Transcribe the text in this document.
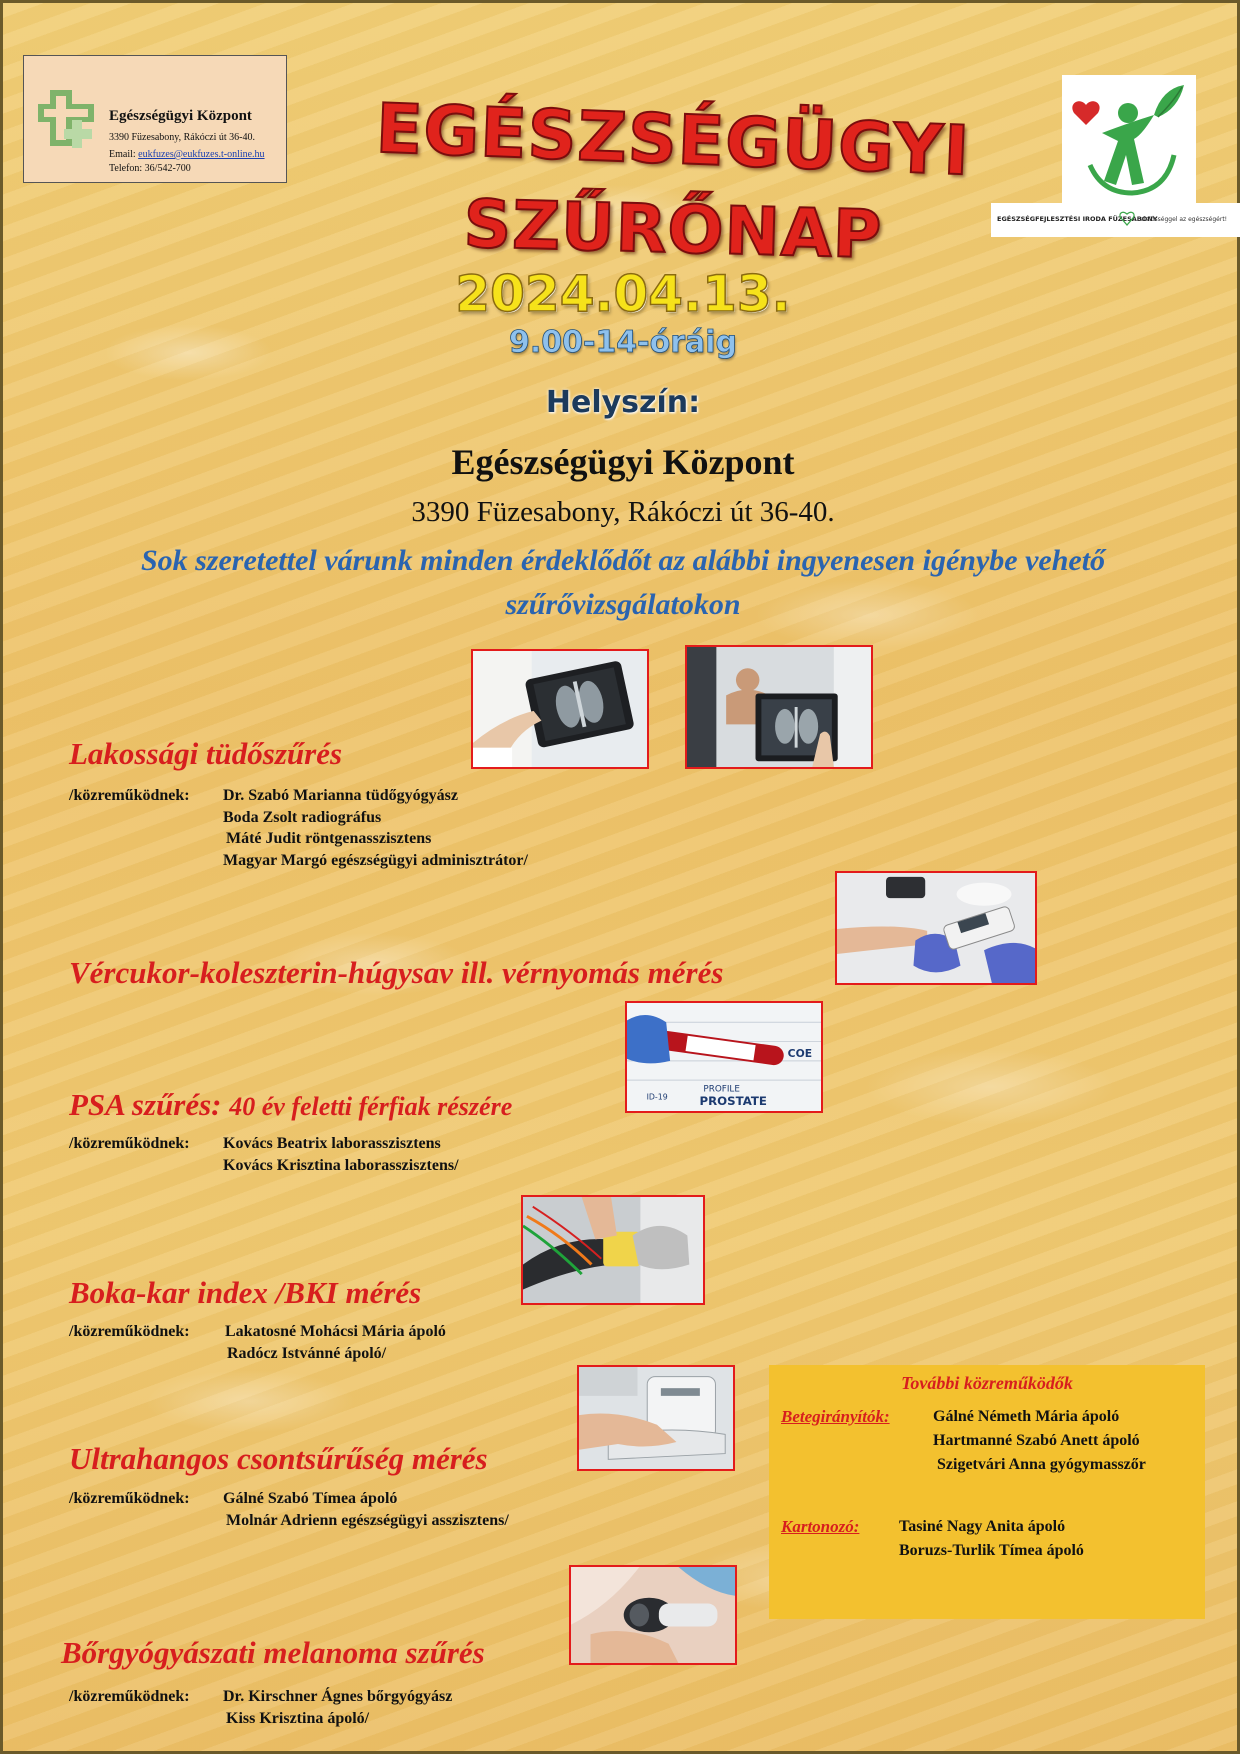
Egészségügyi Központ
3390 Füzesabony, Rákóczi út 36-40.
Email: eukfuzes@eukfuzes.t-online.hu
Telefon: 36/542-700
EGÉSZSÉGFEJLESZTÉSI IRODA FÜZESABONY
Felelősséggel az egészségért!
EGÉSZSÉGÜGYI
SZŰRŐNAP
2024.04.13.
9.00-14-óráig
Helyszín:
Egészségügyi Központ
3390 Füzesabony, Rákóczi út 36-40.
Sok szeretettel várunk minden érdeklődőt az alábbi ingyenesen igénybe vehető
szűrővizsgálatokon
ID-19
PROFILE
PROSTATE
COE
Lakossági tüdőszűrés
/közreműködnek: Dr. Szabó Marianna tüdőgyógyász
Boda Zsolt radiográfus
Máté Judit röntgenasszisztens
Magyar Margó egészségügyi adminisztrátor/
Vércukor-koleszterin-húgysav ill. vérnyomás mérés
PSA szűrés: 40 év feletti férfiak részére
/közreműködnek: Kovács Beatrix laborasszisztens
Kovács Krisztina laborasszisztens/
Boka-kar index /BKI mérés
/közreműködnek: Lakatosné Mohácsi Mária ápoló
Radócz Istvánné ápoló/
Ultrahangos csontsűrűség mérés
/közreműködnek: Gálné Szabó Tímea ápoló
Molnár Adrienn egészségügyi asszisztens/
Bőrgyógyászati melanoma szűrés
/közreműködnek: Dr. Kirschner Ágnes bőrgyógyász
Kiss Krisztina ápoló/
További közreműködők
Betegirányítók:	Gálné Németh Mária ápoló
Hartmanné Szabó Anett ápoló
Szigetvári Anna gyógymasszőr
Kartonozó: Tasiné Nagy Anita ápoló
Boruzs-Turlik Tímea ápoló
